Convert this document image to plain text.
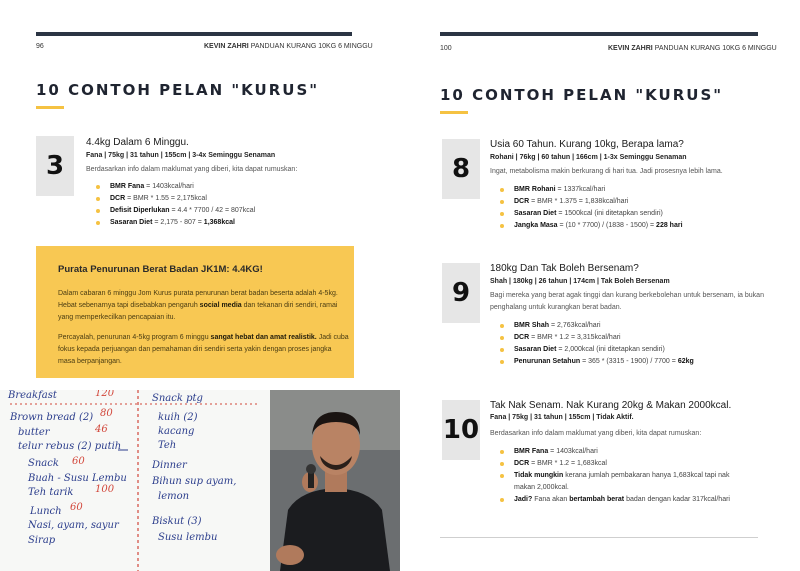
96	KEVIN ZAHRI PANDUAN KURANG 10KG 6 MINGGU
10 CONTOH PELAN "KURUS"
3
4.4kg Dalam 6 Minggu.
Fana | 75kg | 31 tahun | 155cm | 3-4x Seminggu Senaman
Berdasarkan info dalam maklumat yang diberi, kita dapat rumuskan:
BMR Fana = 1403kcal/hari
DCR = BMR * 1.55 = 2,175kcal
Defisit Diperlukan = 4.4 * 7700 / 42 = 807kcal
Sasaran Diet = 2,175 - 807 = 1,368kcal
Purata Penurunan Berat Badan JK1M: 4.4KG!
Dalam cabaran 6 minggu Jom Kurus purata penurunan berat badan beserta adalah 4-5kg. Hebat sebenarnya tapi disebabkan pengaruh social media dan tekanan diri sendiri, ramai yang memperkecilkan pencapaian itu.
Percayalah, penurunan 4-5kg program 6 minggu sangat hebat dan amat realistik. Jadi cuba fokus kepada perjuangan dan pemahaman diri sendiri serta yakin dengan proses jangka masa berpanjangan.
Breakfast	120
Brown bread (2) 80
butter	46
telur rebus (2) putih
Snack 60
Buah - Susu Lembu
Teh tarik 100
Lunch 60
Nasi, ayam, sayur
Sirap
Snack ptg
kuih (2)
kacang
Teh
Dinner
Bihun sup ayam,
lemon
Biskut (3)
Susu lembu
100	KEVIN ZAHRI PANDUAN KURANG 10KG 6 MINGGU
10 CONTOH PELAN "KURUS"
8
Usia 60 Tahun. Kurang 10kg, Berapa lama?
Rohani | 76kg | 60 tahun | 166cm | 1-3x Seminggu Senaman
Ingat, metabolisma makin berkurang di hari tua. Jadi prosesnya lebih lama.
BMR Rohani = 1337kcal/hari
DCR = BMR * 1.375 = 1,838kcal/hari
Sasaran Diet = 1500kcal (ini ditetapkan sendiri)
Jangka Masa = (10 * 7700) / (1838 - 1500) = 228 hari
9
180kg Dan Tak Boleh Bersenam?
Shah | 180kg | 26 tahun | 174cm | Tak Boleh Bersenam
Bagi mereka yang berat agak tinggi dan kurang berkebolehan untuk bersenam, ia bukan penghalang untuk kurangkan berat badan.
BMR Shah = 2,763kcal/hari
DCR = BMR * 1.2 = 3,315kcal/hari
Sasaran Diet = 2,000kcal (ini ditetapkan sendiri)
Penurunan Setahun = 365 * (3315 - 1900) / 7700 = 62kg
10
Tak Nak Senam. Nak Kurang 20kg & Makan 2000kcal.
Fana | 75kg | 31 tahun | 155cm | Tidak Aktif.
Berdasarkan info dalam maklumat yang diberi, kita dapat rumuskan:
BMR Fana = 1403kcal/hari
DCR = BMR * 1.2 = 1,683kcal
Tidak mungkin kerana jumlah pembakaran hanya 1,683kcal tapi nak makan 2,000kcal.
Jadi? Fana akan bertambah berat badan dengan kadar 317kcal/hari
